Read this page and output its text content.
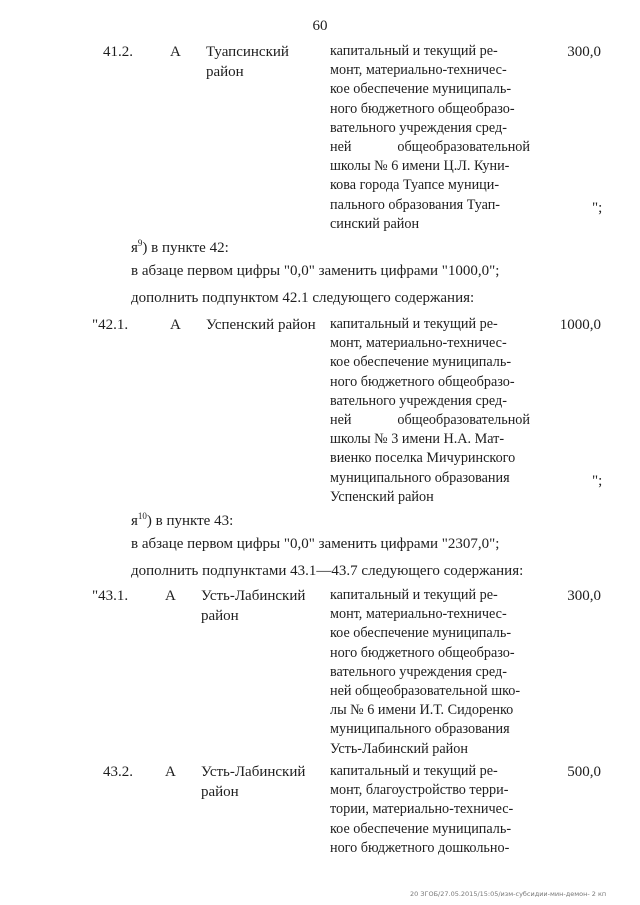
60
41.2. А Туапсинский район
капитальный и текущий ре-
монт, материально-техничес-
кое обеспечение муниципаль-
ного бюджетного общеобразо-
вательного учреждения сред-
ней общеобразовательной
школы № 6 имени Ц.Л. Куни-
кова города Туапсе муници-
пального образования Туап-
синский район
300,0
";
$я^9$) в пункте 42:
в абзаце первом цифры "0,0" заменить цифрами "1000,0";
дополнить подпунктом 42.1 следующего содержания:
"42.1.	А Успенский район	капитальный и текущий ре-
монт, материально-техничес-
кое обеспечение муниципаль-
ного бюджетного общеобразо-
вательного учреждения сред-
ней общеобразовательной
школы № 3 имени Н.А. Мат-
виенко поселка Мичуринского
муниципального образования
Успенский район
1000,0
";
$я^{10}$) в пункте 43:
в абзаце первом цифры "0,0" заменить цифрами "2307,0";
дополнить подпунктами 43.1—43.7 следующего содержания:
"43.1. А Усть-Лабинский район
капитальный и текущий ре-
монт, материально-техничес-
кое обеспечение муниципаль-
ного бюджетного общеобразо-
вательного учреждения сред-
ней общеобразовательной шко-
лы № 6 имени И.Т. Сидоренко
муниципального образования
Усть-Лабинский район
300,0
43.2. А Усть-Лабинский район
капитальный и текущий ре-
монт, благоустройство терри-
тории, материально-техничес-
кое обеспечение муниципаль-
ного бюджетного дошкольно-
500,0
20 ЗГОБ/27.05.2015/15:05/изм-субсидии-мин-демон- 2 кп
